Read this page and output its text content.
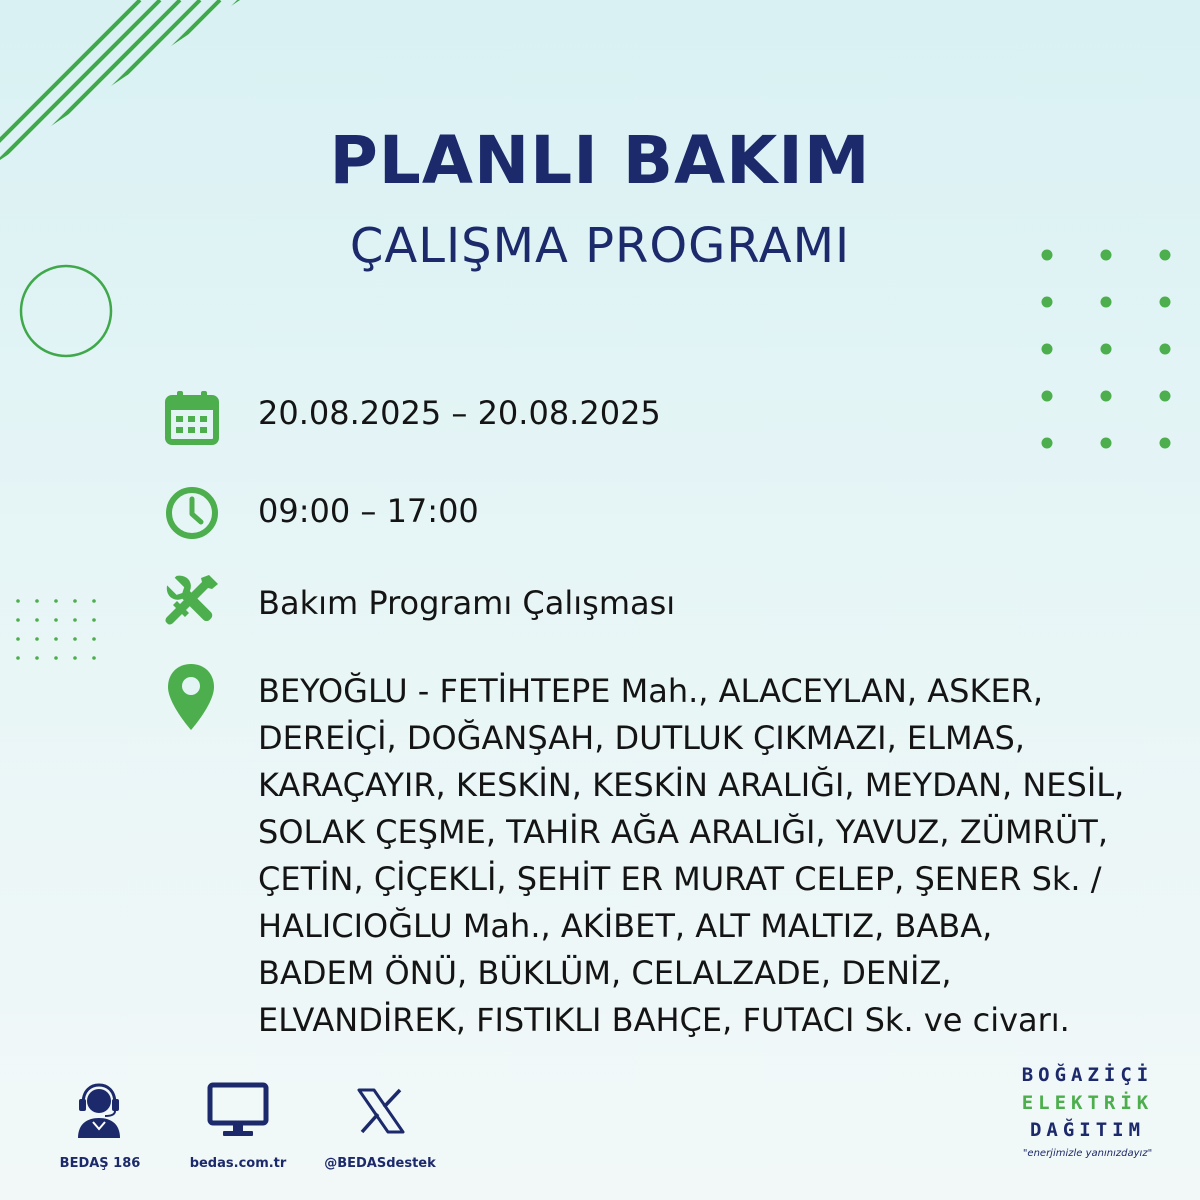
PLANLI BAKIM
ÇALIŞMA PROGRAMI
20.08.2025 – 20.08.2025
09:00 – 17:00
Bakım Programı Çalışması
BEYOĞLU - FETİHTEPE Mah., ALACEYLAN, ASKER,
DEREİÇİ, DOĞANŞAH, DUTLUK ÇIKMAZI, ELMAS,
KARAÇAYIR, KESKİN, KESKİN ARALIĞI, MEYDAN, NESİL,
SOLAK ÇEŞME, TAHİR AĞA ARALIĞI, YAVUZ, ZÜMRÜT,
ÇETİN, ÇİÇEKLİ, ŞEHİT ER MURAT CELEP, ŞENER Sk. /
HALICIOĞLU Mah., AKİBET, ALT MALTIZ, BABA,
BADEM ÖNÜ, BÜKLÜM, CELALZADE, DENİZ,
ELVANDİREK, FISTIKLI BAHÇE, FUTACI Sk. ve civarı.
BEDAŞ 186	bedas.com.tr	@BEDASdestek
BOĞAZİÇİ
ELEKTRİK
DAĞITIM
"enerjimizle yanınızdayız"
